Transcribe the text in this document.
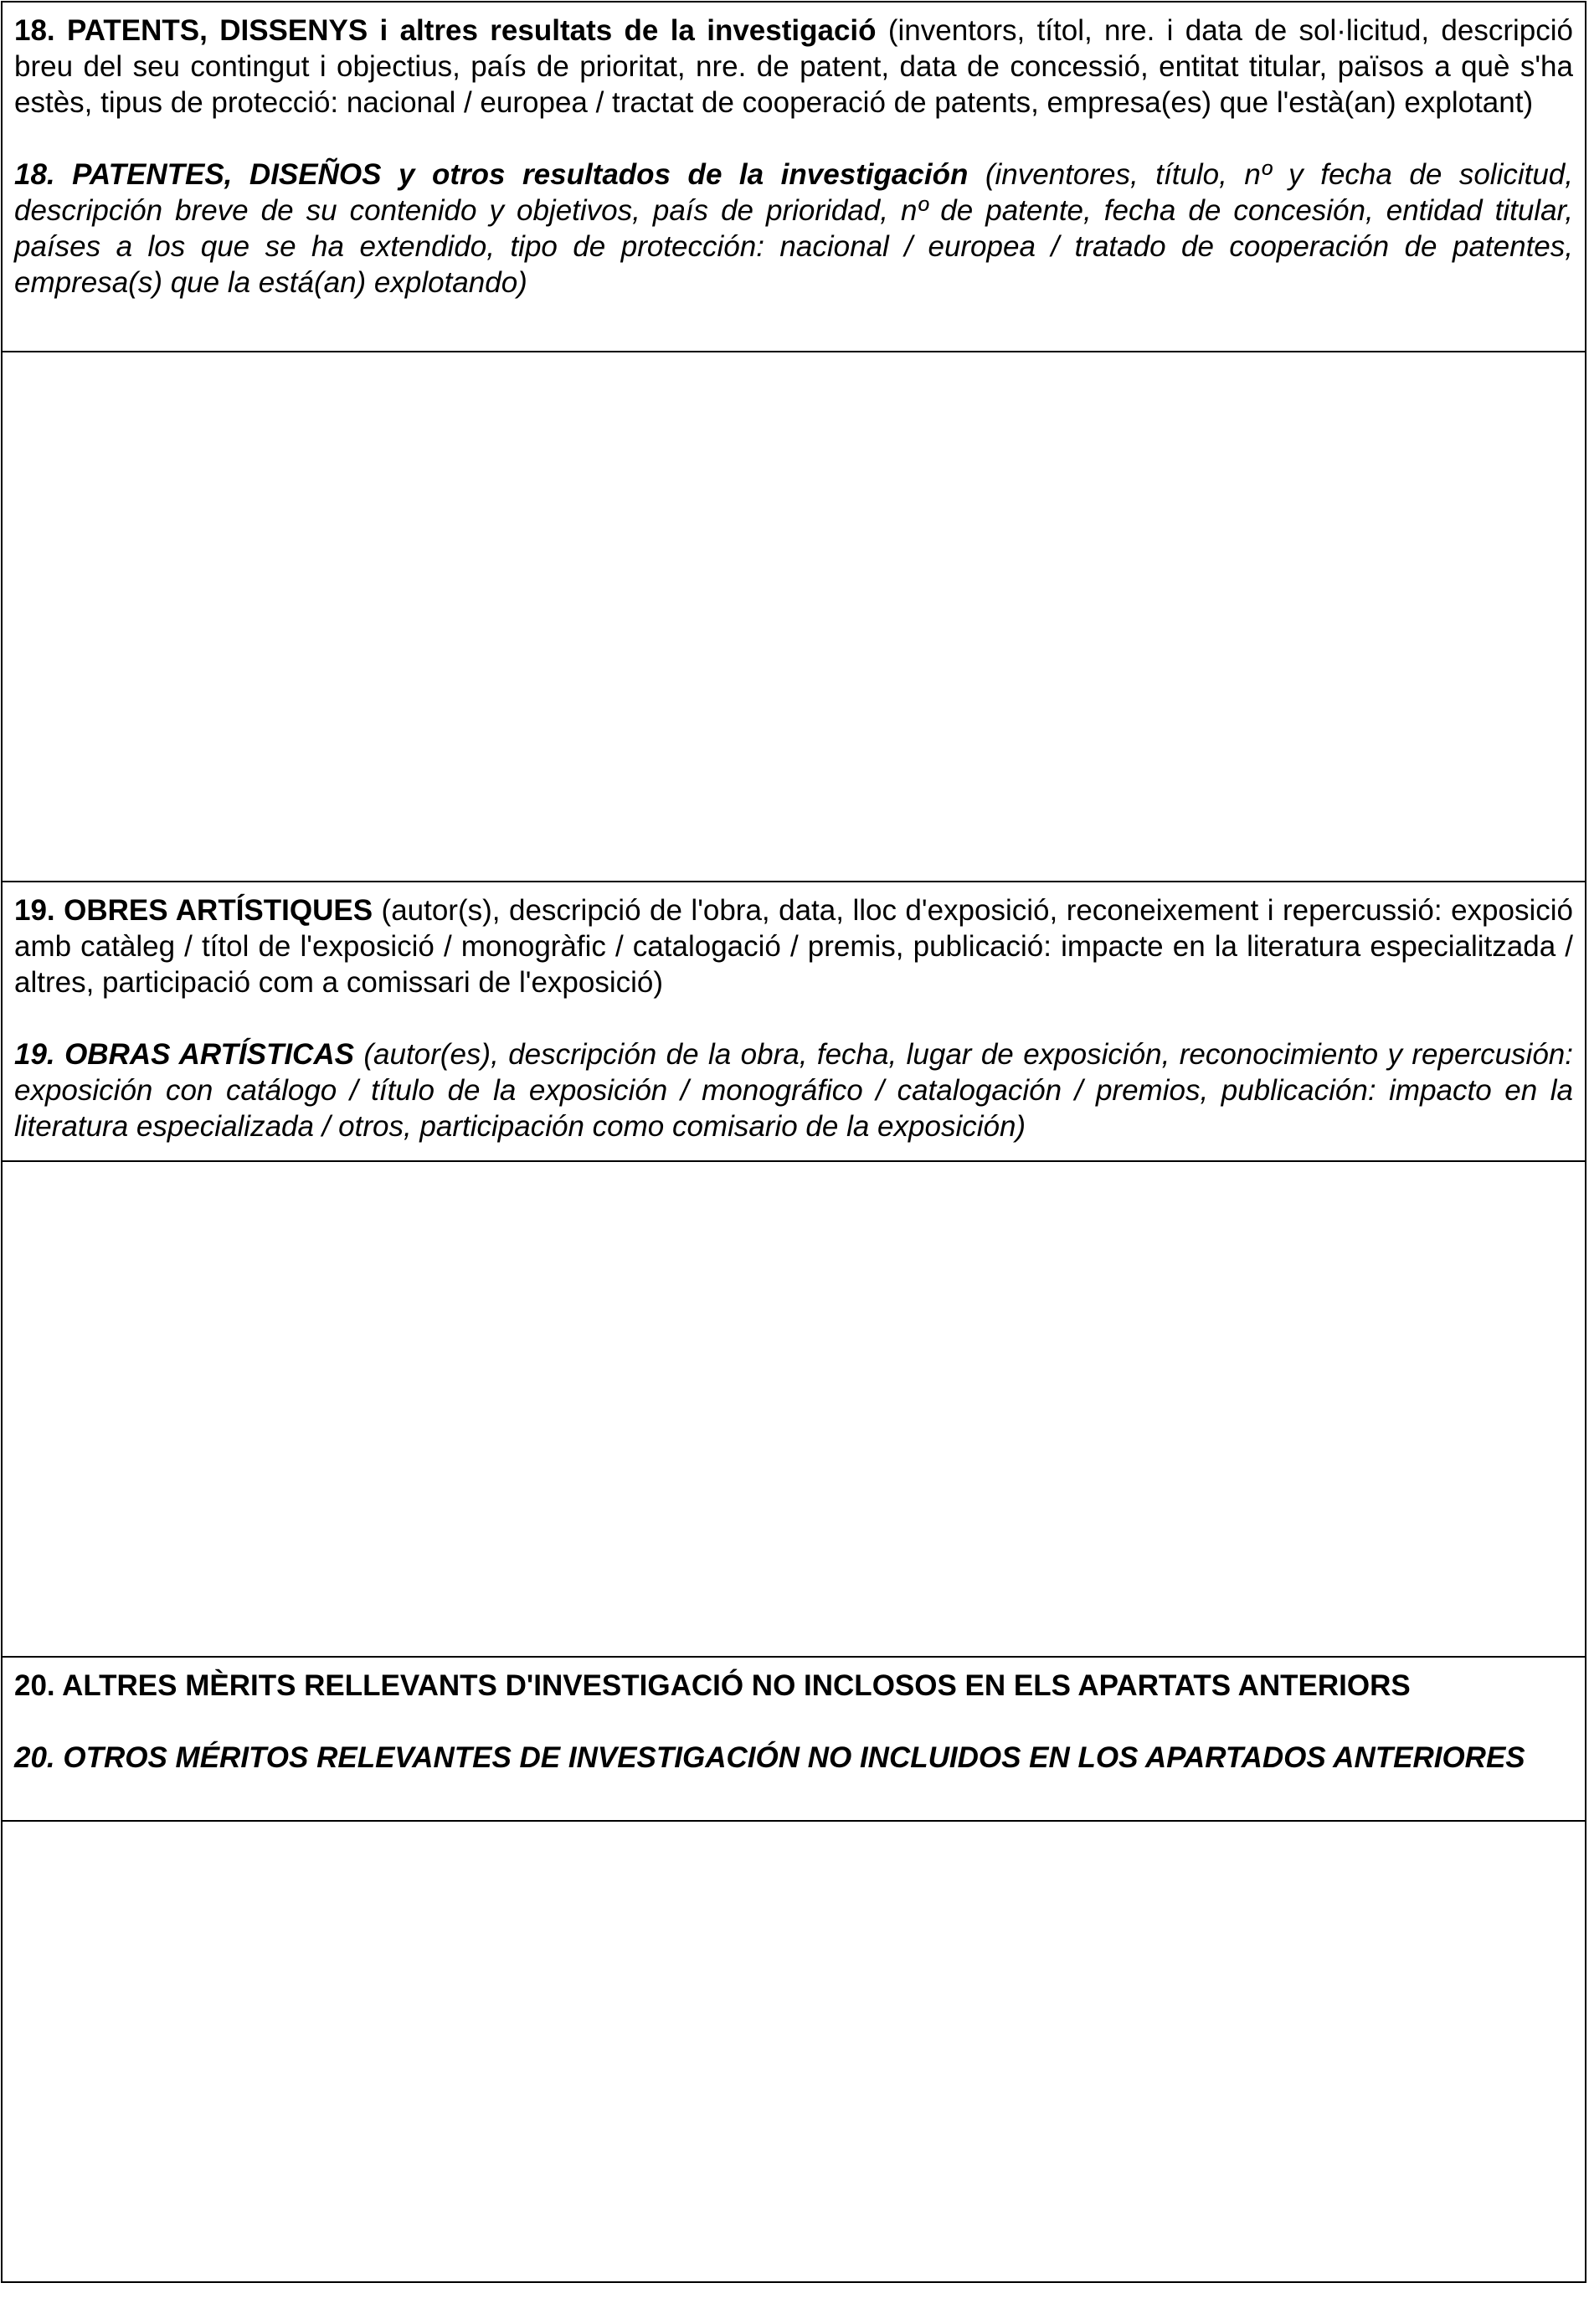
18. PATENTS, DISSENYS i altres resultats de la investigació (inventors, títol, nre. i data de sol·licitud, descripció breu del seu contingut i objectius, país de prioritat, nre. de patent, data de concessió, entitat titular, països a què s'ha estès, tipus de protecció: nacional / europea / tractat de cooperació de patents, empresa(es) que l'està(an) explotant)

18. PATENTES, DISEÑOS y otros resultados de la investigación (inventores, título, nº y fecha de solicitud, descripción breve de su contenido y objetivos, país de prioridad, nº de patente, fecha de concesión, entidad titular, países a los que se ha extendido, tipo de protección: nacional / europea / tratado de cooperación de patentes, empresa(s) que la está(an) explotando)

19. OBRES ARTÍSTIQUES (autor(s), descripció de l'obra, data, lloc d'exposició, reconeixement i repercussió: exposició amb catàleg / títol de l'exposició / monogràfic / catalogació / premis, publicació: impacte en la literatura especialitzada / altres, participació com a comissari de l'exposició)

19. OBRAS ARTÍSTICAS (autor(es), descripción de la obra, fecha, lugar de exposición, reconocimiento y repercusión: exposición con catálogo / título de la exposición / monográfico / catalogación / premios, publicación: impacto en la literatura especializada / otros, participación como comisario de la exposición)

20. ALTRES MÈRITS RELLEVANTS D'INVESTIGACIÓ NO INCLOSOS EN ELS APARTATS ANTERIORS

20. OTROS MÉRITOS RELEVANTES DE INVESTIGACIÓN NO INCLUIDOS EN LOS APARTADOS ANTERIORES
